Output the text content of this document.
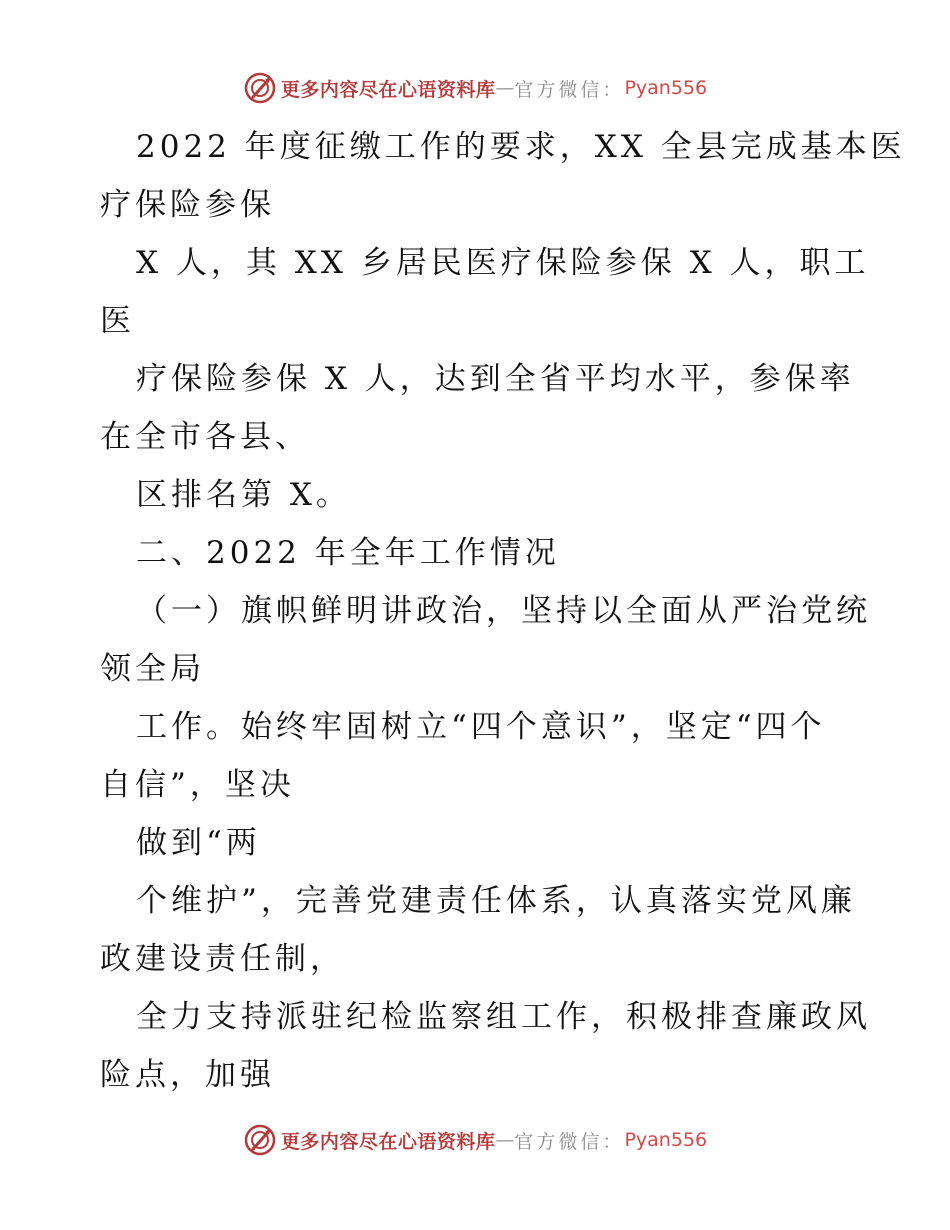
更多内容尽在心语资料库 — 官方微信： Pyan556
2022 年度征缴工作的要求，XX 全县完成基本医
疗保险参保
X 人，其 XX 乡居民医疗保险参保 X 人，职工
医
疗保险参保 X 人，达到全省平均水平，参保率
在全市各县、
区排名第 X。
二、2022 年全年工作情况
（一）旗帜鲜明讲政治，坚持以全面从严治党统
领全局
工作。始终牢固树立“四个意识”，坚定“四个
自信”，坚决
做到“两
个维护”，完善党建责任体系，认真落实党风廉
政建设责任制，
全力支持派驻纪检监察组工作，积极排查廉政风
险点，加强
更多内容尽在心语资料库 — 官方微信： Pyan556
